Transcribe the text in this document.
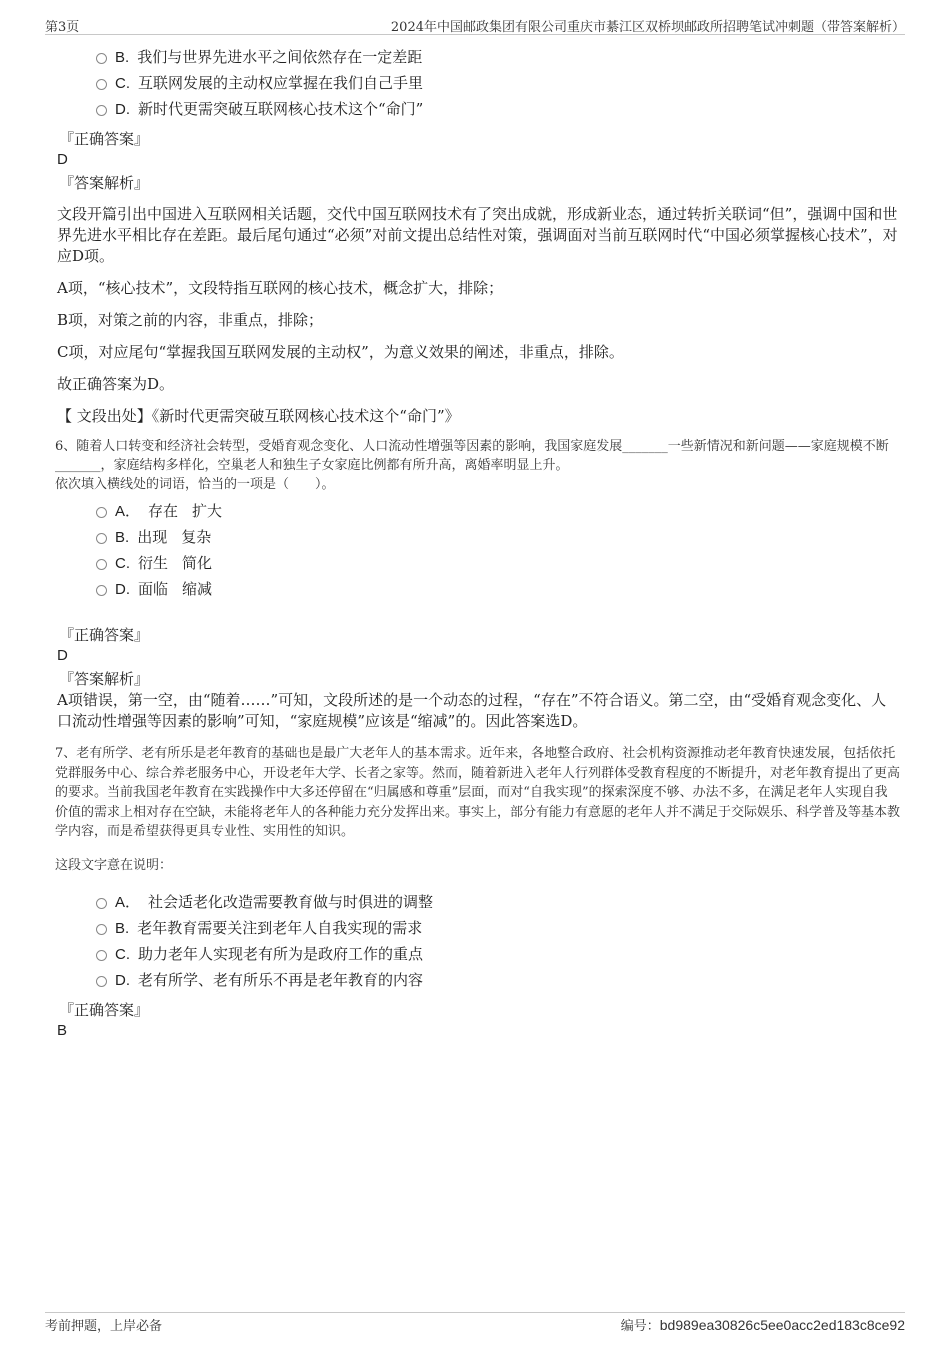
第3页	2024年中国邮政集团有限公司重庆市綦江区双桥坝邮政所招聘笔试冲刺题（带答案解析）
B. 我们与世界先进水平之间依然存在一定差距
C. 互联网发展的主动权应掌握在我们自己手里
D. 新时代更需突破互联网核心技术这个“命门”
『正确答案』
D
『答案解析』
文段开篇引出中国进入互联网相关话题，交代中国互联网技术有了突出成就，形成新业态，通过转折关联词“但”，强调中国和世界先进水平相比存在差距。最后尾句通过“必须”对前文提出总结性对策，强调面对当前互联网时代“中国必须掌握核心技术”，对应D项。
A项，“核心技术”，文段特指互联网的核心技术，概念扩大，排除；
B项，对策之前的内容，非重点，排除；
C项，对应尾句“掌握我国互联网发展的主动权”，为意义效果的阐述，非重点，排除。
故正确答案为D。
【 文段出处】《新时代更需突破互联网核心技术这个“命门”》
6、随着人口转变和经济社会转型，受婚育观念变化、人口流动性增强等因素的影响，我国家庭发展_______一些新情况和新问题——家庭规模不断_______，家庭结构多样化，空巢老人和独生子女家庭比例都有所升高，离婚率明显上升。
依次填入横线处的词语，恰当的一项是（　　）。
A． 存在 扩大
B. 出现 复杂
C. 衍生 简化
D. 面临 缩减
『正确答案』
D
『答案解析』
A项错误，第一空，由“随着……”可知，文段所述的是一个动态的过程，“存在”不符合语义。第二空，由“受婚育观念变化、人口流动性增强等因素的影响”可知，“家庭规模”应该是“缩减”的。因此答案选D。
7、老有所学、老有所乐是老年教育的基础也是最广大老年人的基本需求。近年来，各地整合政府、社会机构资源推动老年教育快速发展，包括依托党群服务中心、综合养老服务中心，开设老年大学、长者之家等。然而，随着新进入老年人行列群体受教育程度的不断提升，对老年教育提出了更高的要求。当前我国老年教育在实践操作中大多还停留在“归属感和尊重”层面，而对“自我实现”的探索深度不够、办法不多，在满足老年人实现自我价值的需求上相对存在空缺，未能将老年人的各种能力充分发挥出来。事实上，部分有能力有意愿的老年人并不满足于交际娱乐、科学普及等基本教学内容，而是希望获得更具专业性、实用性的知识。
这段文字意在说明：
A． 社会适老化改造需要教育做与时俱进的调整
B. 老年教育需要关注到老年人自我实现的需求
C. 助力老年人实现老有所为是政府工作的重点
D. 老有所学、老有所乐不再是老年教育的内容
『正确答案』
B
考前押题，上岸必备	编号：bd989ea30826c5ee0acc2ed183c8ce92
